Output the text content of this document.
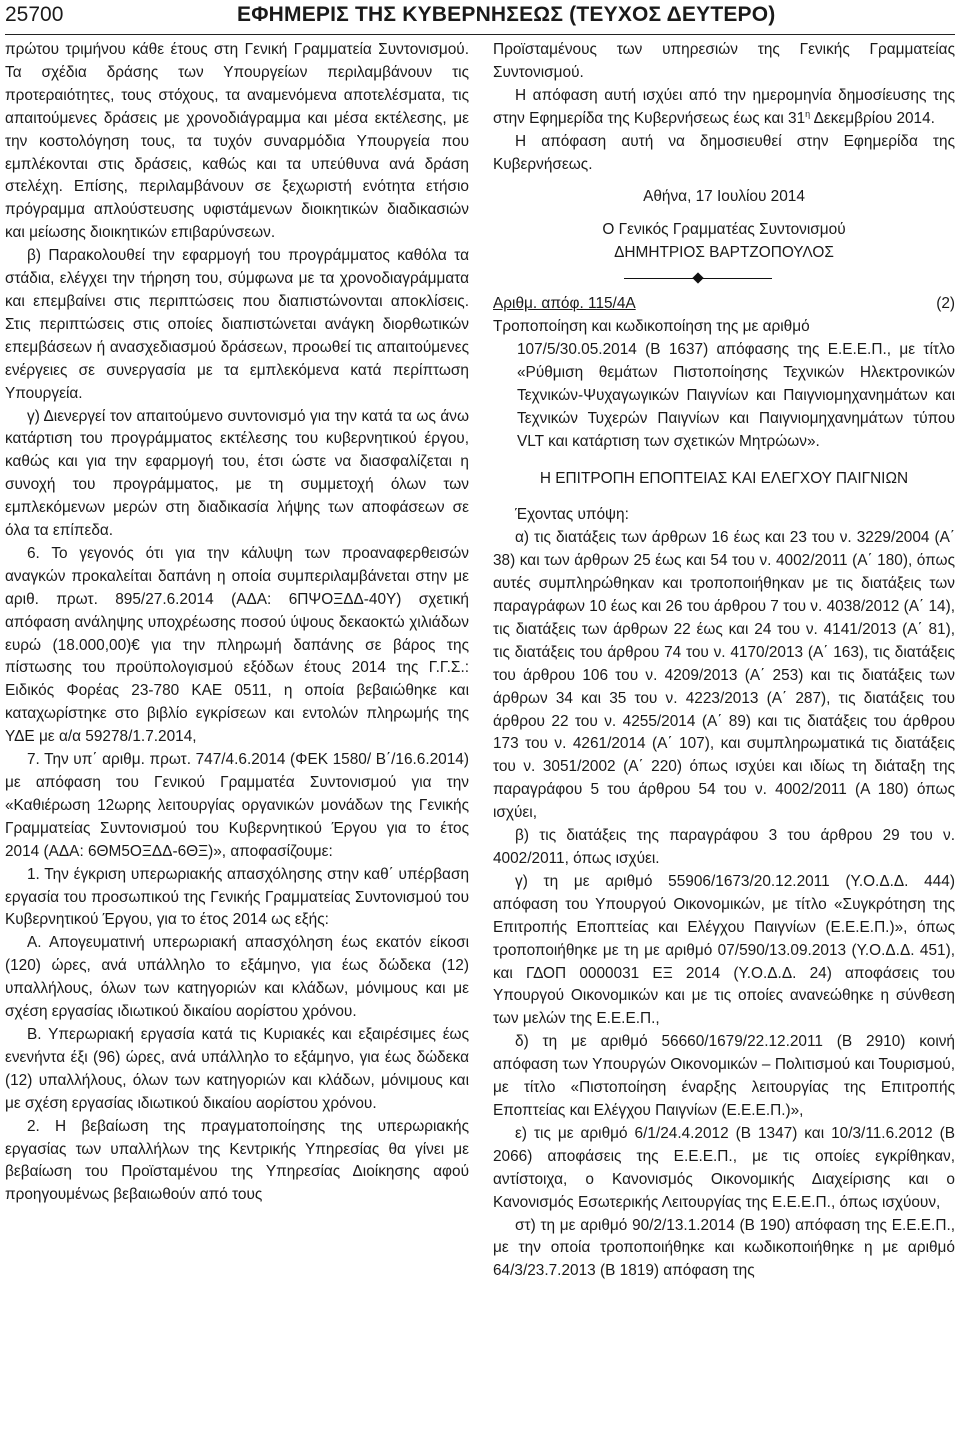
25700	ΕΦΗΜΕΡΙΣ ΤΗΣ ΚΥΒΕΡΝΗΣΕΩΣ (ΤΕΥΧΟΣ ΔΕΥΤΕΡΟ)

πρώτου τριμήνου κάθε έτους στη Γενική Γραμματεία Συντονισμού. Τα σχέδια δράσης των Υπουργείων περιλαμβάνουν τις προτεραιότητες, τους στόχους, τα αναμενόμενα αποτελέσματα, τις απαιτούμενες δράσεις με χρονοδιάγραμμα και μέσα εκτέλεσης, με την κοστολόγηση τους, τα τυχόν συναρμόδια Υπουργεία που εμπλέκονται στις δράσεις, καθώς και τα υπεύθυνα ανά δράση στελέχη. Επίσης, περιλαμβάνουν σε ξεχωριστή ενότητα ετήσιο πρόγραμμα απλούστευσης υφιστάμενων διοικητικών διαδικασιών και μείωσης διοικητικών επιβαρύνσεων.

β) Παρακολουθεί την εφαρμογή του προγράμματος καθόλα τα στάδια, ελέγχει την τήρηση του, σύμφωνα με τα χρονοδιαγράμματα και επεμβαίνει στις περιπτώσεις που διαπιστώνονται αποκλίσεις. Στις περιπτώσεις στις οποίες διαπιστώνεται ανάγκη διορθωτικών επεμβάσεων ή ανασχεδιασμού δράσεων, προωθεί τις απαιτούμενες ενέργειες σε συνεργασία με τα εμπλεκόμενα κατά περίπτωση Υπουργεία.

γ) Διενεργεί τον απαιτούμενο συντονισμό για την κατά τα ως άνω κατάρτιση του προγράμματος εκτέλεσης του κυβερνητικού έργου, καθώς και για την εφαρμογή του, έτσι ώστε να διασφαλίζεται η συνοχή του προγράμματος, με τη συμμετοχή όλων των εμπλεκόμενων μερών στη διαδικασία λήψης των αποφάσεων σε όλα τα επίπεδα.

6. Το γεγονός ότι για την κάλυψη των προαναφερθεισών αναγκών προκαλείται δαπάνη η οποία συμπεριλαμβάνεται στην με αριθ. πρωτ. 895/27.6.2014 (ΑΔΑ: 6ΠΨΟΞΔΔ-40Υ) σχετική απόφαση ανάληψης υποχρέωσης ποσού ύψους δεκαοκτώ χιλιάδων ευρώ (18.000,00)€ για την πληρωμή δαπάνης σε βάρος της πίστωσης του προϋπολογισμού εξόδων έτους 2014 της Γ.Γ.Σ.: Ειδικός Φορέας 23-780 ΚΑΕ 0511, η οποία βεβαιώθηκε και καταχωρίστηκε στο βιβλίο εγκρίσεων και εντολών πληρωμής της ΥΔΕ με α/α 59278/1.7.2014,

7. Την υπ΄ αριθμ. πρωτ. 747/4.6.2014 (ΦΕΚ 1580/ Β΄/16.6.2014) με απόφαση του Γενικού Γραμματέα Συντονισμού για την «Καθιέρωση 12ωρης λειτουργίας οργανικών μονάδων της Γενικής Γραμματείας Συντονισμού του Κυβερνητικού Έργου για το έτος 2014 (ΑΔΑ: 6ΘΜ5ΟΞΔΔ-6ΘΞ)», αποφασίζουμε:

1. Την έγκριση υπερωριακής απασχόλησης στην καθ΄ υπέρβαση εργασία του προσωπικού της Γενικής Γραμματείας Συντονισμού του Κυβερνητικού Έργου, για το έτος 2014 ως εξής:

Α. Απογευματινή υπερωριακή απασχόληση έως εκατόν είκοσι (120) ώρες, ανά υπάλληλο το εξάμηνο, για έως δώδεκα (12) υπαλλήλους, όλων των κατηγοριών και κλάδων, μόνιμους και με σχέση εργασίας ιδιωτικού δικαίου αορίστου χρόνου.

Β. Υπερωριακή εργασία κατά τις Κυριακές και εξαιρέσιμες έως ενενήντα έξι (96) ώρες, ανά υπάλληλο το εξάμηνο, για έως δώδεκα (12) υπαλλήλους, όλων των κατηγοριών και κλάδων, μόνιμους και με σχέση εργασίας ιδιωτικού δικαίου αορίστου χρόνου.

2. Η βεβαίωση της πραγματοποίησης της υπερωριακής εργασίας των υπαλλήλων της Κεντρικής Υπηρεσίας θα γίνει με βεβαίωση του Προϊσταμένου της Υπηρεσίας Διοίκησης αφού προηγουμένως βεβαιωθούν από τους

Προϊσταμένους των υπηρεσιών της Γενικής Γραμματείας Συντονισμού.

Η απόφαση αυτή ισχύει από την ημερομηνία δημοσίευσης της στην Εφημερίδα της Κυβερνήσεως έως και $31^\eta$ Δεκεμβρίου 2014.

Η απόφαση αυτή να δημοσιευθεί στην Εφημερίδα της Κυβερνήσεως.

Αθήνα, 17 Ιουλίου 2014

Ο Γενικός Γραμματέας Συντονισμού

ΔΗΜΗΤΡΙΟΣ ΒΑΡΤΖΟΠΟΥΛΟΣ

Αριθμ. απόφ. 115/4Α	(2)

Τροποποίηση και κωδικοποίηση της με αριθμό
107/5/30.05.2014 (Β 1637) απόφασης της Ε.Ε.Ε.Π., με τίτλο «Ρύθμιση θεμάτων Πιστοποίησης Τεχνικών Ηλεκτρονικών Τεχνικών-Ψυχαγωγικών Παιγνίων και Παιγνιομηχανημάτων και Τεχνικών Τυχερών Παιγνίων και Παιγνιομηχανημάτων τύπου VLT και κατάρτιση των σχετικών Μητρώων».

Η ΕΠΙΤΡΟΠΗ ΕΠΟΠΤΕΙΑΣ ΚΑΙ ΕΛΕΓΧΟΥ ΠΑΙΓΝΙΩΝ

Έχοντας υπόψη:

α) τις διατάξεις των άρθρων 16 έως και 23 του ν. 3229/2004 (Α΄ 38) και των άρθρων 25 έως και 54 του ν. 4002/2011 (Α΄ 180), όπως αυτές συμπληρώθηκαν και τροποποιήθηκαν με τις διατάξεις των παραγράφων 10 έως και 26 του άρθρου 7 του ν. 4038/2012 (Α΄ 14), τις διατάξεις των άρθρων 22 έως και 24 του ν. 4141/2013 (Α΄ 81), τις διατάξεις του άρθρου 74 του ν. 4170/2013 (Α΄ 163), τις διατάξεις του άρθρου 106 του ν. 4209/2013 (Α΄ 253) και τις διατάξεις των άρθρων 34 και 35 του ν. 4223/2013 (Α΄ 287), τις διατάξεις του άρθρου 22 του ν. 4255/2014 (Α΄ 89) και τις διατάξεις του άρθρου 173 του ν. 4261/2014 (Α΄ 107), και συμπληρωματικά τις διατάξεις του ν. 3051/2002 (Α΄ 220) όπως ισχύει και ιδίως τη διάταξη της παραγράφου 5 του άρθρου 54 του ν. 4002/2011 (Α 180) όπως ισχύει,

β) τις διατάξεις της παραγράφου 3 του άρθρου 29 του ν. 4002/2011, όπως ισχύει.

γ) τη με αριθμό 55906/1673/20.12.2011 (Υ.Ο.Δ.Δ. 444) απόφαση του Υπουργού Οικονομικών, με τίτλο «Συγκρότηση της Επιτροπής Εποπτείας και Ελέγχου Παιγνίων (Ε.Ε.Ε.Π.)», όπως τροποποιήθηκε με τη με αριθμό 07/590/13.09.2013 (Υ.Ο.Δ.Δ. 451), και ΓΔΟΠ 0000031 ΕΞ 2014 (Υ.Ο.Δ.Δ. 24) αποφάσεις του Υπουργού Οικονομικών και με τις οποίες ανανεώθηκε η σύνθεση των μελών της Ε.Ε.Ε.Π.,

δ) τη με αριθμό 56660/1679/22.12.2011 (Β 2910) κοινή απόφαση των Υπουργών Οικονομικών – Πολιτισμού και Τουρισμού, με τίτλο «Πιστοποίηση έναρξης λειτουργίας της Επιτροπής Εποπτείας και Ελέγχου Παιγνίων (Ε.Ε.Ε.Π.)»,

ε) τις με αριθμό 6/1/24.4.2012 (Β 1347) και 10/3/11.6.2012 (Β 2066) αποφάσεις της Ε.Ε.Ε.Π., με τις οποίες εγκρίθηκαν, αντίστοιχα, ο Κανονισμός Οικονομικής Διαχείρισης και ο Κανονισμός Εσωτερικής Λειτουργίας της Ε.Ε.Ε.Π., όπως ισχύουν,

στ) τη με αριθμό 90/2/13.1.2014 (Β 190) απόφαση της Ε.Ε.Ε.Π., με την οποία τροποποιήθηκε και κωδικοποιήθηκε η με αριθμό 64/3/23.7.2013 (Β 1819) απόφαση της
